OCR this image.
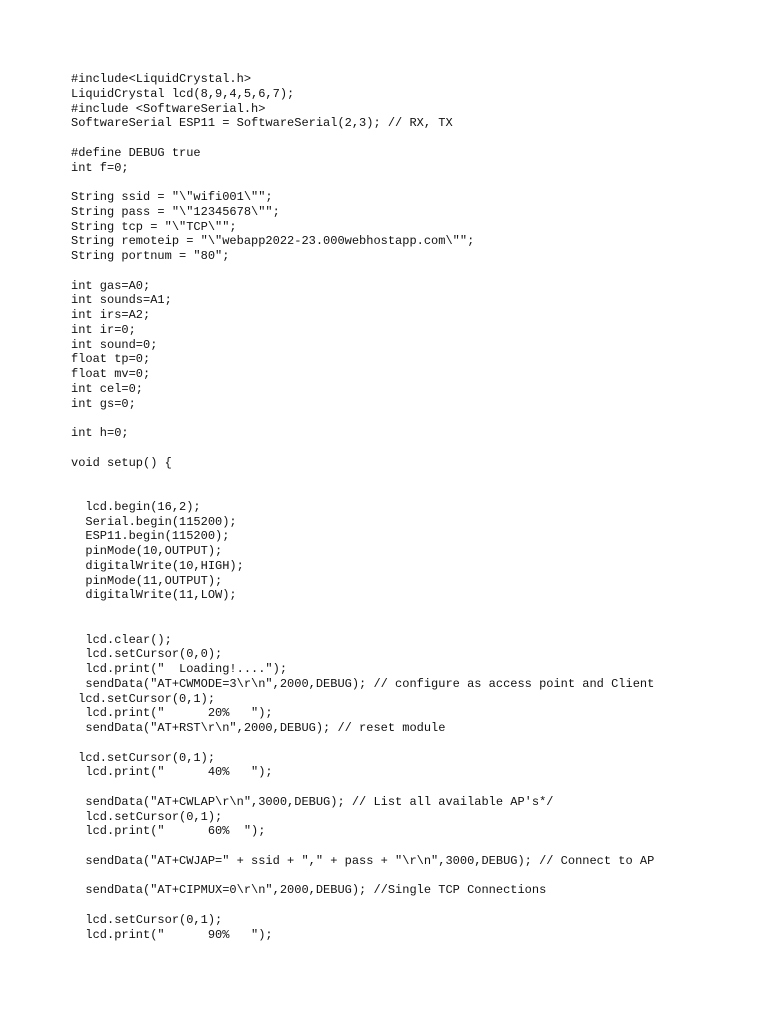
#include<LiquidCrystal.h>
LiquidCrystal lcd(8,9,4,5,6,7);
#include <SoftwareSerial.h>
SoftwareSerial ESP11 = SoftwareSerial(2,3); // RX, TX
#define DEBUG true
int f=0;
String ssid = "\"wifi001\"";
String pass = "\"12345678\"";
String tcp = "\"TCP\"";
String remoteip = "\"webapp2022-23.000webhostapp.com\"";
String portnum = "80";
int gas=A0;
int sounds=A1;
int irs=A2;
int ir=0;
int sound=0;
float tp=0;
float mv=0;
int cel=0;
int gs=0;
int h=0;
void setup() {
lcd.begin(16,2);
Serial.begin(115200);
ESP11.begin(115200);
pinMode(10,OUTPUT);
digitalWrite(10,HIGH);
pinMode(11,OUTPUT);
digitalWrite(11,LOW);
lcd.clear();
lcd.setCursor(0,0);
lcd.print("  Loading!....");
sendData("AT+CWMODE=3\r\n",2000,DEBUG); // configure as access point and Client
lcd.setCursor(0,1);
lcd.print("      20%   ");
sendData("AT+RST\r\n",2000,DEBUG); // reset module
lcd.setCursor(0,1);
lcd.print("      40%   ");
sendData("AT+CWLAP\r\n",3000,DEBUG); // List all available AP's*/
lcd.setCursor(0,1);
lcd.print("      60%  ");
sendData("AT+CWJAP=" + ssid + "," + pass + "\r\n",3000,DEBUG); // Connect to AP
sendData("AT+CIPMUX=0\r\n",2000,DEBUG); //Single TCP Connections
lcd.setCursor(0,1);
lcd.print("      90%   ");
